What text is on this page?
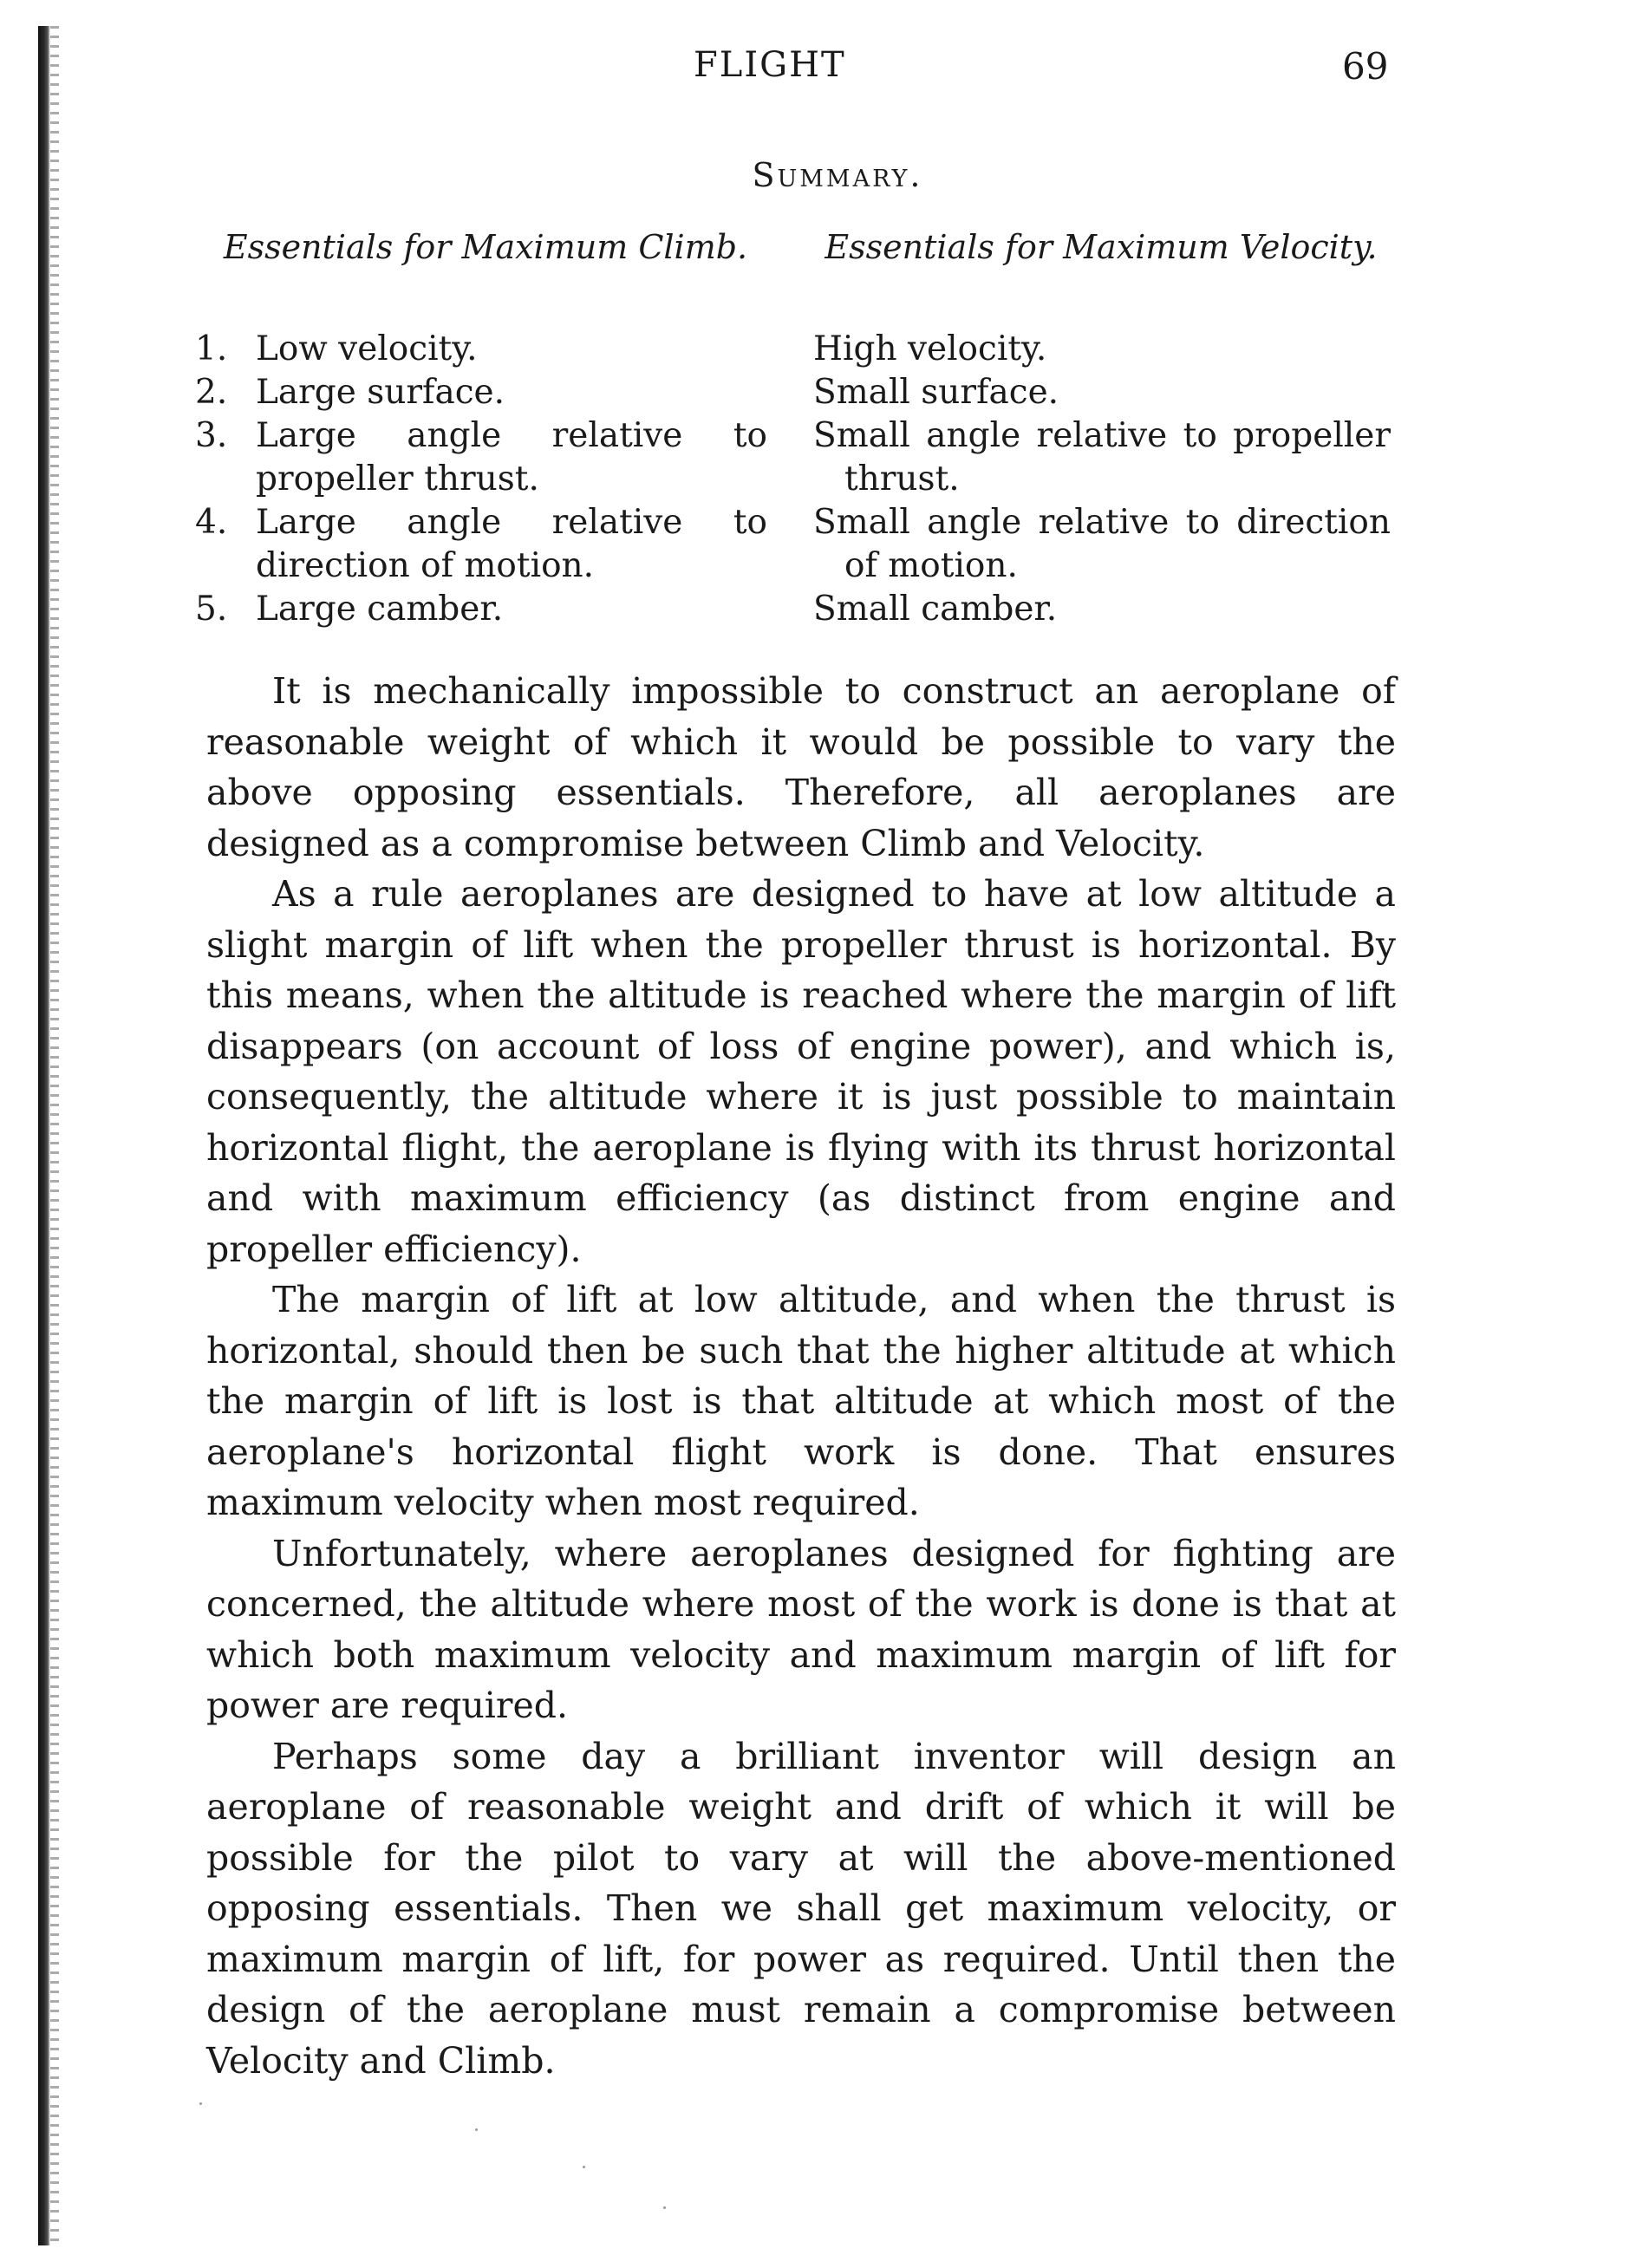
FLIGHT	69
Summary.
Essentials for Maximum Climb.	Essentials for Maximum Velocity.
1. Low velocity.
2. Large surface.
3. Large angle relative to propeller thrust.
4. Large angle relative to direction of motion.
5. Large camber.
High velocity.
Small surface.
Small angle relative to propeller thrust.
Small angle relative to direction of motion.
Small camber.

It is mechanically impossible to construct an aeroplane of reasonable weight of which it would be possible to vary the above opposing essentials. Therefore, all aeroplanes are designed as a compromise between Climb and Velocity.

As a rule aeroplanes are designed to have at low altitude a slight margin of lift when the propeller thrust is horizontal. By this means, when the altitude is reached where the margin of lift disappears (on account of loss of engine power), and which is, consequently, the altitude where it is just possible to maintain horizontal flight, the aeroplane is flying with its thrust horizontal and with maximum efficiency (as distinct from engine and propeller efficiency).

The margin of lift at low altitude, and when the thrust is horizontal, should then be such that the higher altitude at which the margin of lift is lost is that altitude at which most of the aeroplane's horizontal flight work is done. That ensures maximum velocity when most required.

Unfortunately, where aeroplanes designed for fighting are concerned, the altitude where most of the work is done is that at which both maximum velocity and maximum margin of lift for power are required.

Perhaps some day a brilliant inventor will design an aeroplane of reasonable weight and drift of which it will be possible for the pilot to vary at will the above-mentioned opposing essentials. Then we shall get maximum velocity, or maximum margin of lift, for power as required. Until then the design of the aeroplane must remain a compromise between Velocity and Climb.
